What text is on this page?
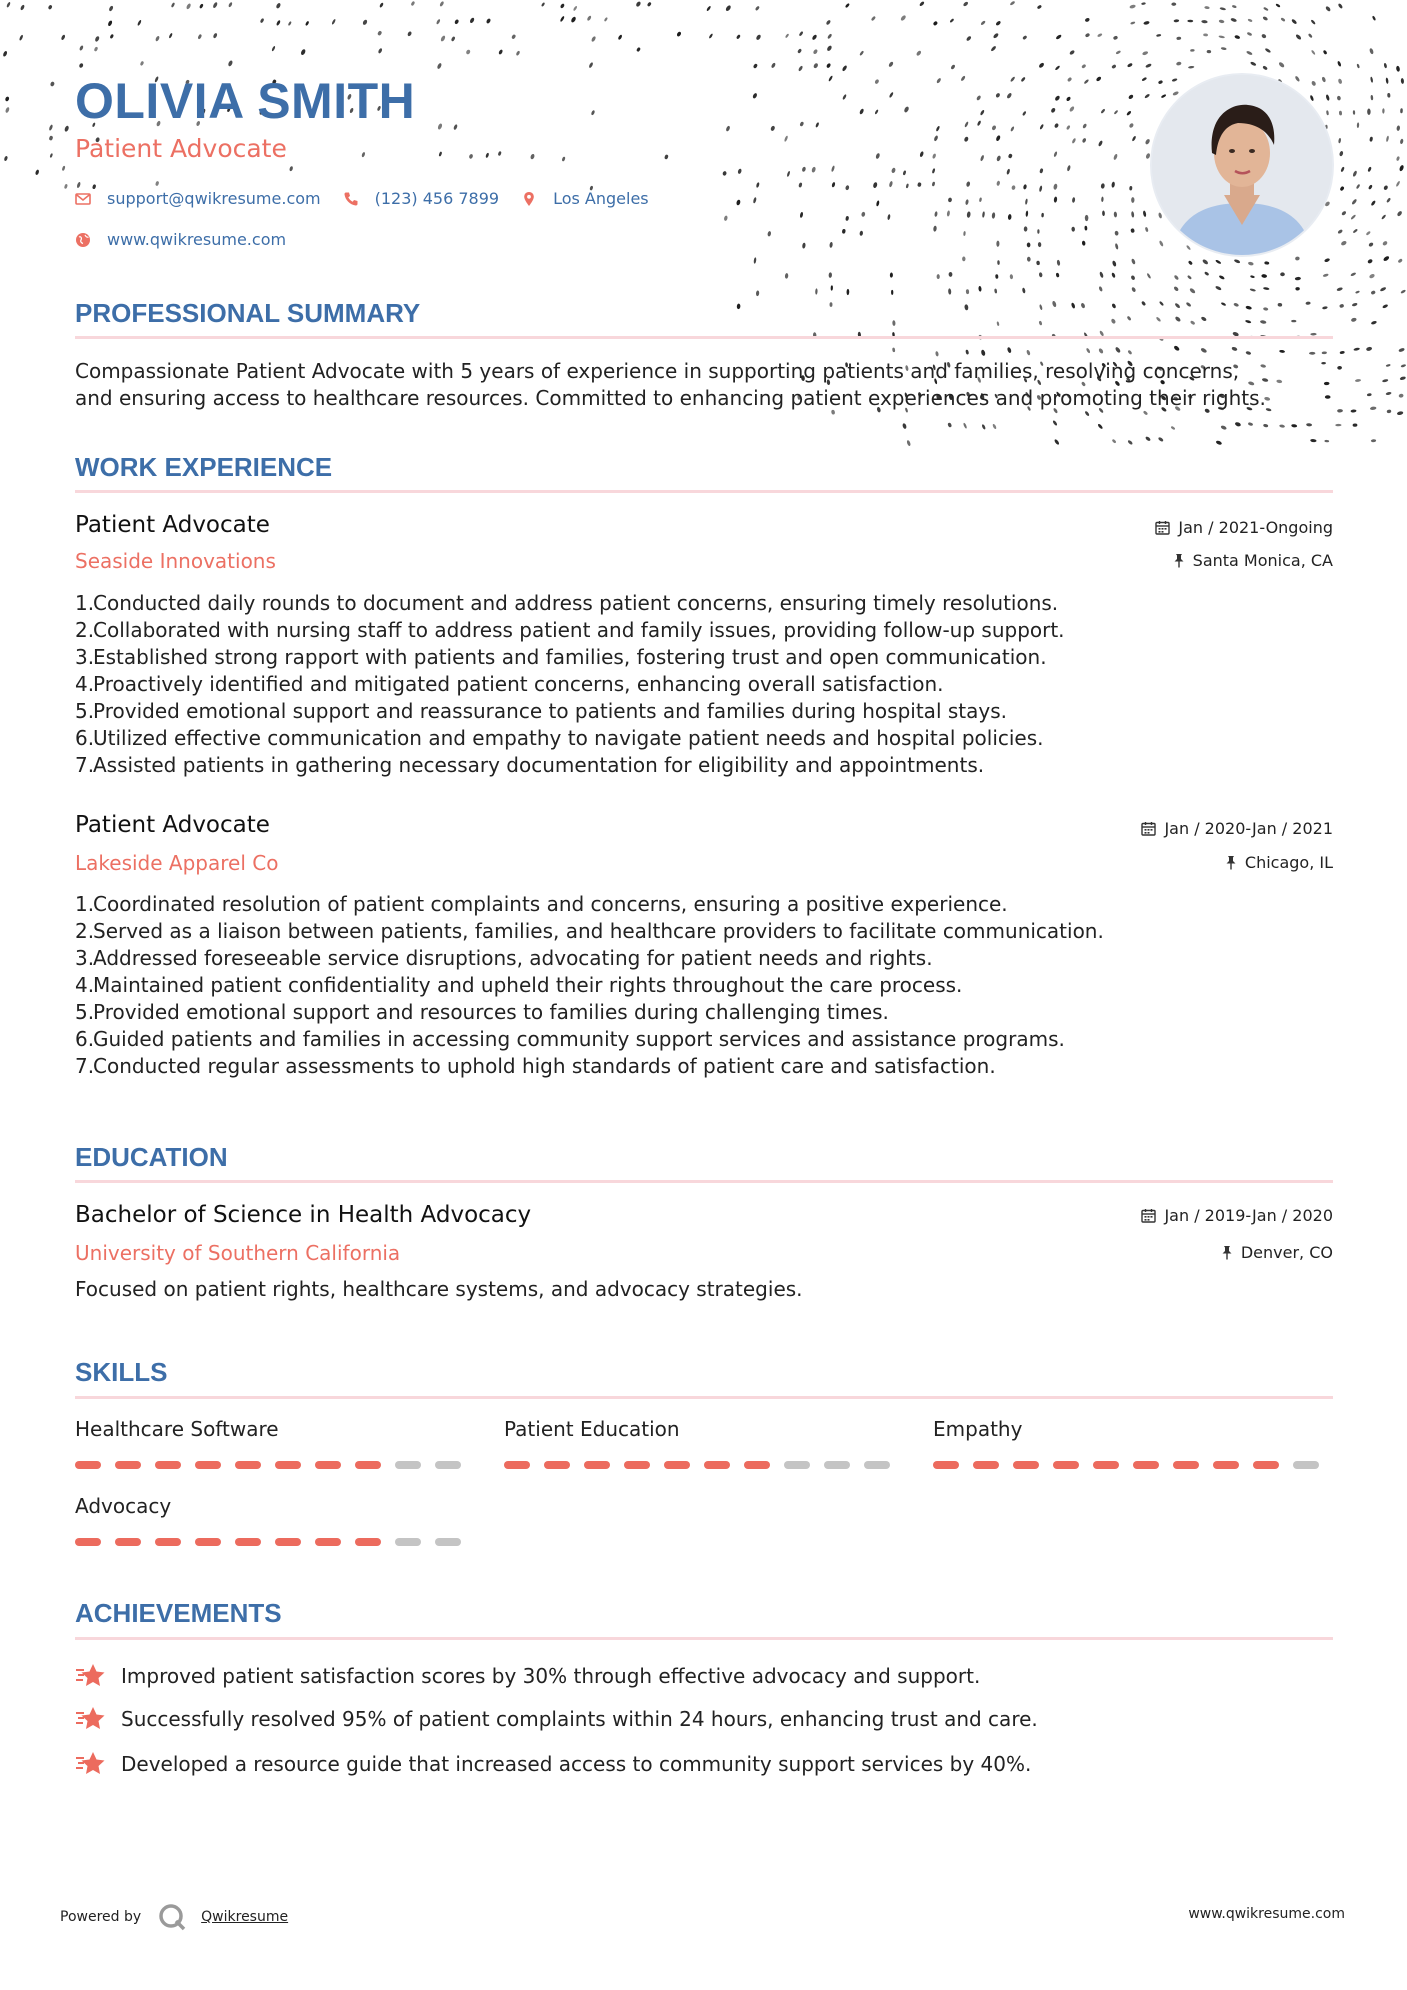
OLIVIA SMITH
Patient Advocate
support@qwikresume.com	(123) 456 7899	Los Angeles
www.qwikresume.com
PROFESSIONAL SUMMARY
Compassionate Patient Advocate with 5 years of experience in supporting patients and families, resolving concerns,
and ensuring access to healthcare resources. Committed to enhancing patient experiences and promoting their rights.
WORK EXPERIENCE
Patient Advocate
Seaside Innovations
Jan / 2021-Ongoing
Santa Monica, CA
1.Conducted daily rounds to document and address patient concerns, ensuring timely resolutions.
2.Collaborated with nursing staff to address patient and family issues, providing follow-up support.
3.Established strong rapport with patients and families, fostering trust and open communication.
4.Proactively identified and mitigated patient concerns, enhancing overall satisfaction.
5.Provided emotional support and reassurance to patients and families during hospital stays.
6.Utilized effective communication and empathy to navigate patient needs and hospital policies.
7.Assisted patients in gathering necessary documentation for eligibility and appointments.
Patient Advocate
Lakeside Apparel Co
Jan / 2020-Jan / 2021
Chicago, IL
1.Coordinated resolution of patient complaints and concerns, ensuring a positive experience.
2.Served as a liaison between patients, families, and healthcare providers to facilitate communication.
3.Addressed foreseeable service disruptions, advocating for patient needs and rights.
4.Maintained patient confidentiality and upheld their rights throughout the care process.
5.Provided emotional support and resources to families during challenging times.
6.Guided patients and families in accessing community support services and assistance programs.
7.Conducted regular assessments to uphold high standards of patient care and satisfaction.
EDUCATION
Bachelor of Science in Health Advocacy
University of Southern California
Jan / 2019-Jan / 2020
Denver, CO
Focused on patient rights, healthcare systems, and advocacy strategies.
SKILLS
Healthcare Software	Patient Education	Empathy
Advocacy
ACHIEVEMENTS
Improved patient satisfaction scores by 30% through effective advocacy and support.
Successfully resolved 95% of patient complaints within 24 hours, enhancing trust and care.
Developed a resource guide that increased access to community support services by 40%.
Powered by	Qwikresume	www.qwikresume.com
